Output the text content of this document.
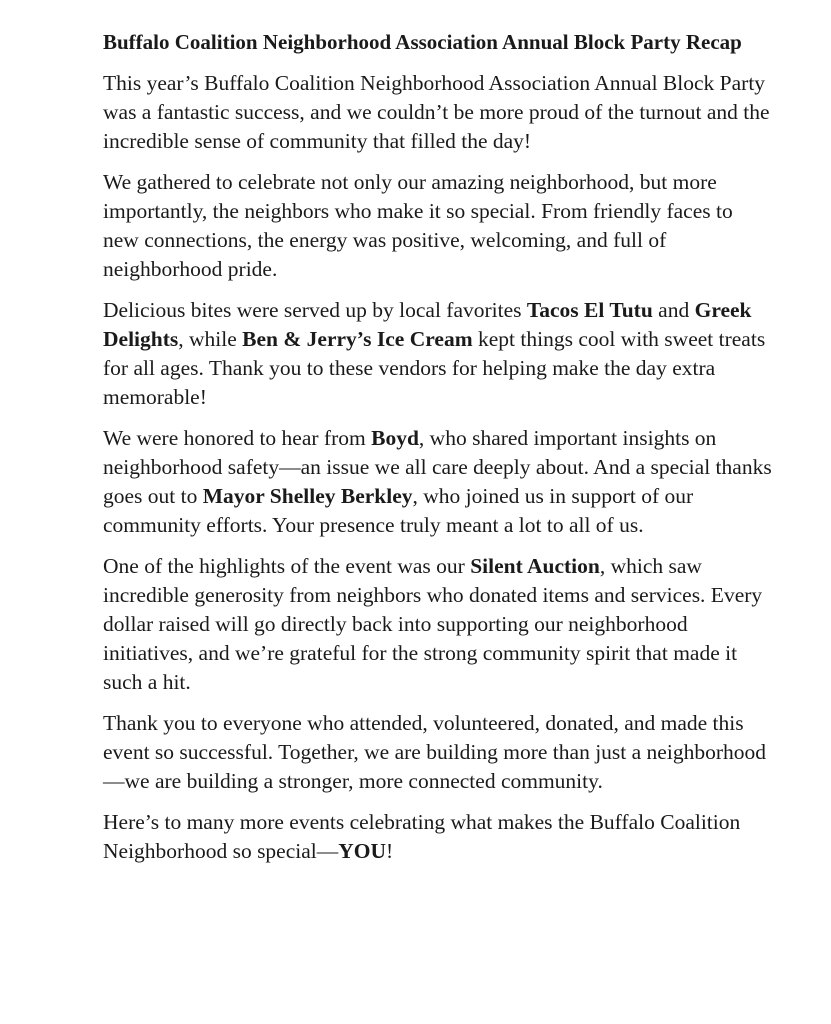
Buffalo Coalition Neighborhood Association Annual Block Party Recap

This year’s Buffalo Coalition Neighborhood Association Annual Block Party was a fantastic success, and we couldn’t be more proud of the turnout and the incredible sense of community that filled the day!

We gathered to celebrate not only our amazing neighborhood, but more importantly, the neighbors who make it so special. From friendly faces to new connections, the energy was positive, welcoming, and full of neighborhood pride.

Delicious bites were served up by local favorites Tacos El Tutu and Greek Delights, while Ben & Jerry’s Ice Cream kept things cool with sweet treats for all ages. Thank you to these vendors for helping make the day extra memorable!

We were honored to hear from Boyd, who shared important insights on neighborhood safety—an issue we all care deeply about. And a special thanks goes out to Mayor Shelley Berkley, who joined us in support of our community efforts. Your presence truly meant a lot to all of us.

One of the highlights of the event was our Silent Auction, which saw incredible generosity from neighbors who donated items and services. Every dollar raised will go directly back into supporting our neighborhood initiatives, and we’re grateful for the strong community spirit that made it such a hit.

Thank you to everyone who attended, volunteered, donated, and made this event so successful. Together, we are building more than just a neighborhood—we are building a stronger, more connected community.

Here’s to many more events celebrating what makes the Buffalo Coalition Neighborhood so special—YOU!
